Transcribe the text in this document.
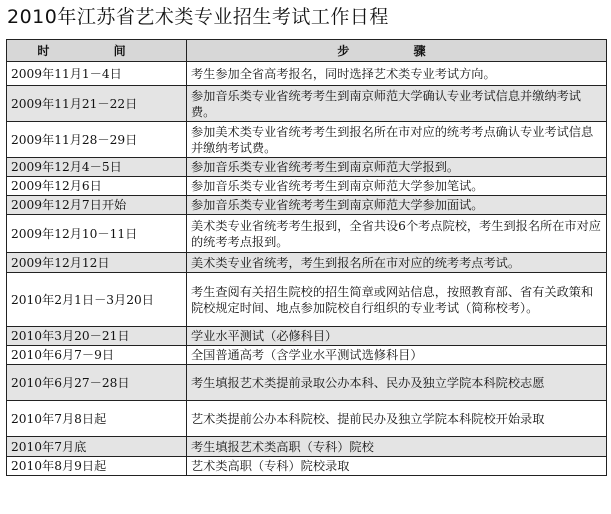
2010年江苏省艺术类专业招生考试工作日程
时 间	步 骤
2009年11月1－4日	考生参加全省高考报名，同时选择艺术类专业考试方向。
2009年11月21－22日	参加音乐类专业省统考考生到南京师范大学确认专业考试信息并缴纳考试费。
2009年11月28－29日	参加美术类专业省统考考生到报名所在市对应的统考考点确认专业考试信息并缴纳考试费。
2009年12月4－5日	参加音乐类专业省统考考生到南京师范大学报到。
2009年12月6日	参加音乐类专业省统考考生到南京师范大学参加笔试。
2009年12月7日开始	参加音乐类专业省统考考生到南京师范大学参加面试。
2009年12月10－11日	美术类专业省统考考生报到，全省共设6个考点院校，考生到报名所在市对应的统考考点报到。
2009年12月12日	美术类专业省统考，考生到报名所在市对应的统考考点考试。
2010年2月1日－3月20日	考生查阅有关招生院校的招生简章或网站信息，按照教育部、省有关政策和院校规定时间、地点参加院校自行组织的专业考试（简称校考）。
2010年3月20－21日	学业水平测试（必修科目）
2010年6月7－9日	全国普通高考（含学业水平测试选修科目）
2010年6月27－28日	考生填报艺术类提前录取公办本科、民办及独立学院本科院校志愿
2010年7月8日起	艺术类提前公办本科院校、提前民办及独立学院本科院校开始录取
2010年7月底	考生填报艺术类高职（专科）院校
2010年8月9日起	艺术类高职（专科）院校录取
